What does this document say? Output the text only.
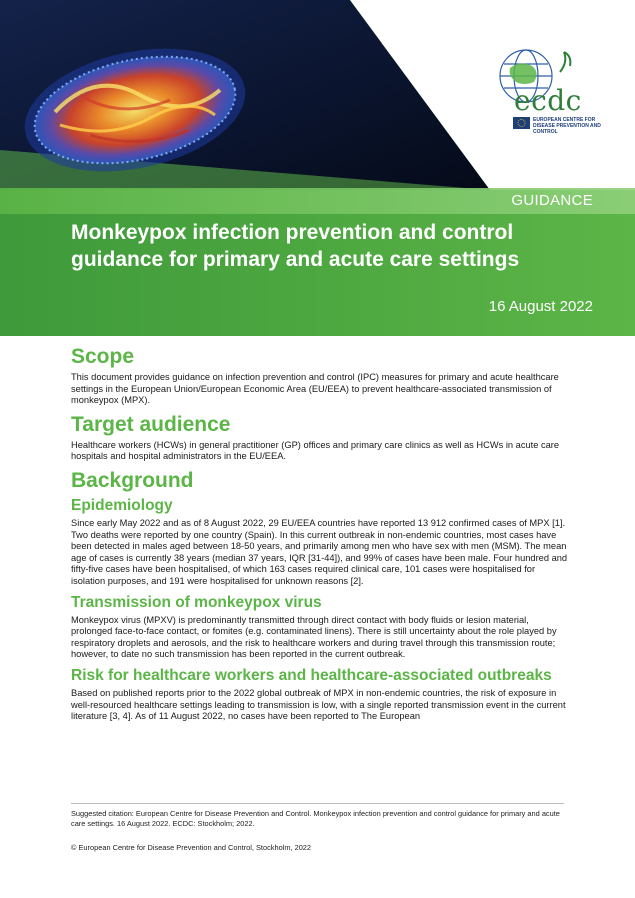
ecdc
EUROPEAN CENTRE FOR DISEASE PREVENTION AND CONTROL
GUIDANCE
Monkeypox infection prevention and control guidance for primary and acute care settings
16 August 2022
Scope

This document provides guidance on infection prevention and control (IPC) measures for primary and acute healthcare settings in the European Union/European Economic Area (EU/EEA) to prevent healthcare-associated transmission of monkeypox (MPX).

Target audience

Healthcare workers (HCWs) in general practitioner (GP) offices and primary care clinics as well as HCWs in acute care hospitals and hospital administrators in the EU/EEA.

Background
Epidemiology

Since early May 2022 and as of 8 August 2022, 29 EU/EEA countries have reported 13 912 confirmed cases of MPX [1]. Two deaths were reported by one country (Spain). In this current outbreak in non-endemic countries, most cases have been detected in males aged between 18-50 years, and primarily among men who have sex with men (MSM). The mean age of cases is currently 38 years (median 37 years, IQR [31-44]), and 99% of cases have been male. Four hundred and fifty-five cases have been hospitalised, of which 163 cases required clinical care, 101 cases were hospitalised for isolation purposes, and 191 were hospitalised for unknown reasons [2].

Transmission of monkeypox virus

Monkeypox virus (MPXV) is predominantly transmitted through direct contact with body fluids or lesion material, prolonged face-to-face contact, or fomites (e.g. contaminated linens). There is still uncertainty about the role played by respiratory droplets and aerosols, and the risk to healthcare workers and during travel through this transmission route; however, to date no such transmission has been reported in the current outbreak.

Risk for healthcare workers and healthcare-associated outbreaks

Based on published reports prior to the 2022 global outbreak of MPX in non-endemic countries, the risk of exposure in well-resourced healthcare settings leading to transmission is low, with a single reported transmission event in the current literature [3, 4]. As of 11 August 2022, no cases have been reported to The European

Suggested citation: European Centre for Disease Prevention and Control. Monkeypox infection prevention and control guidance for primary and acute care settings. 16 August 2022. ECDC: Stockholm; 2022.
© European Centre for Disease Prevention and Control, Stockholm, 2022
